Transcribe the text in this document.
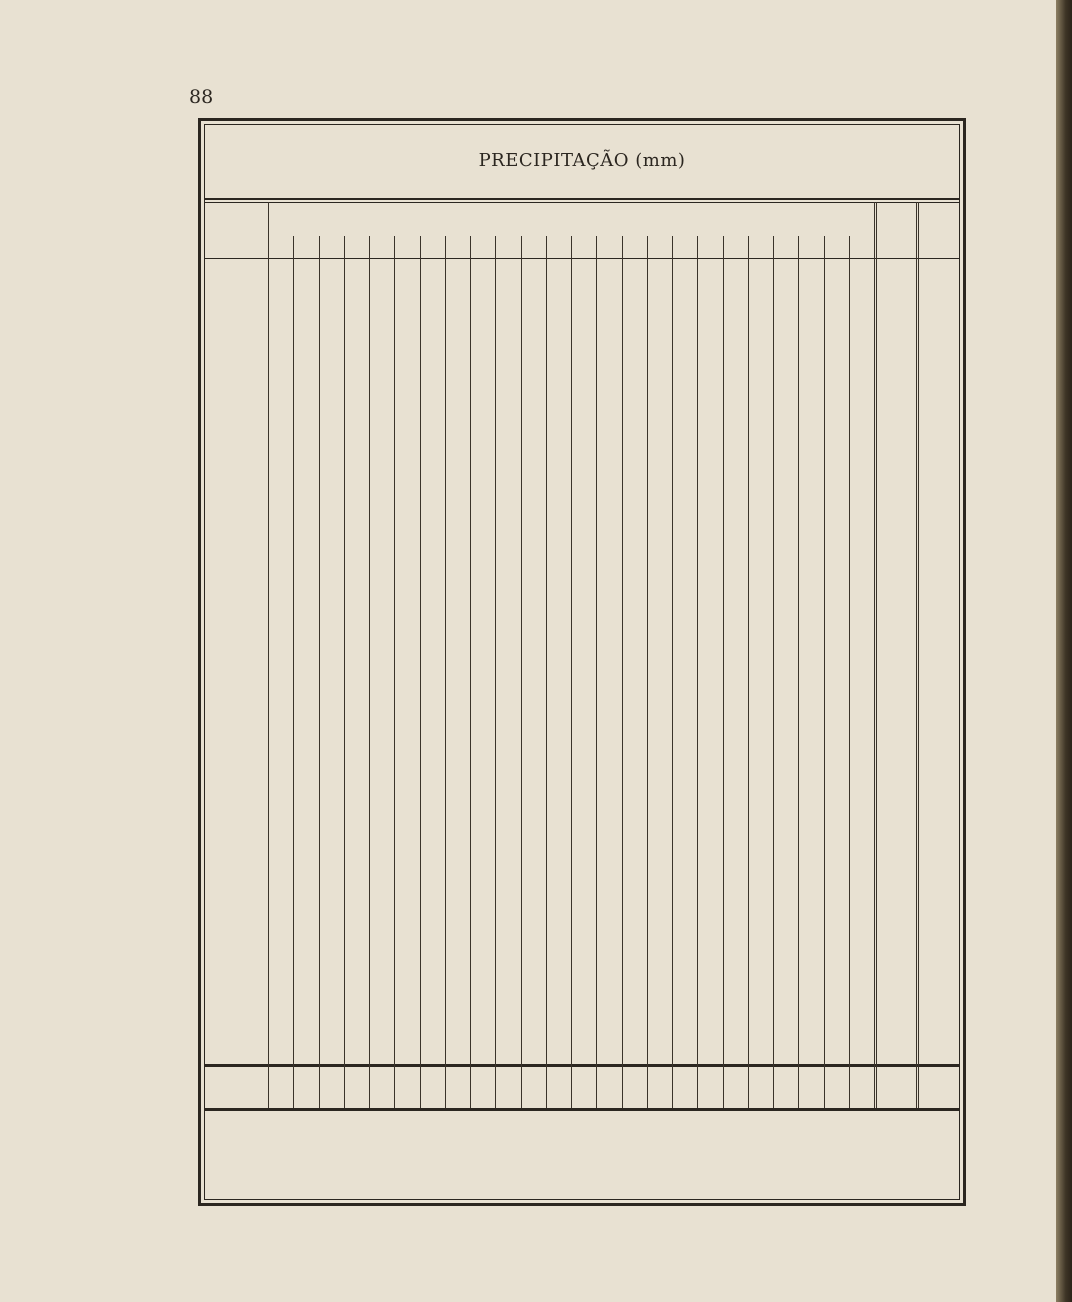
88
PRECIPITAÇÃO (mm)
